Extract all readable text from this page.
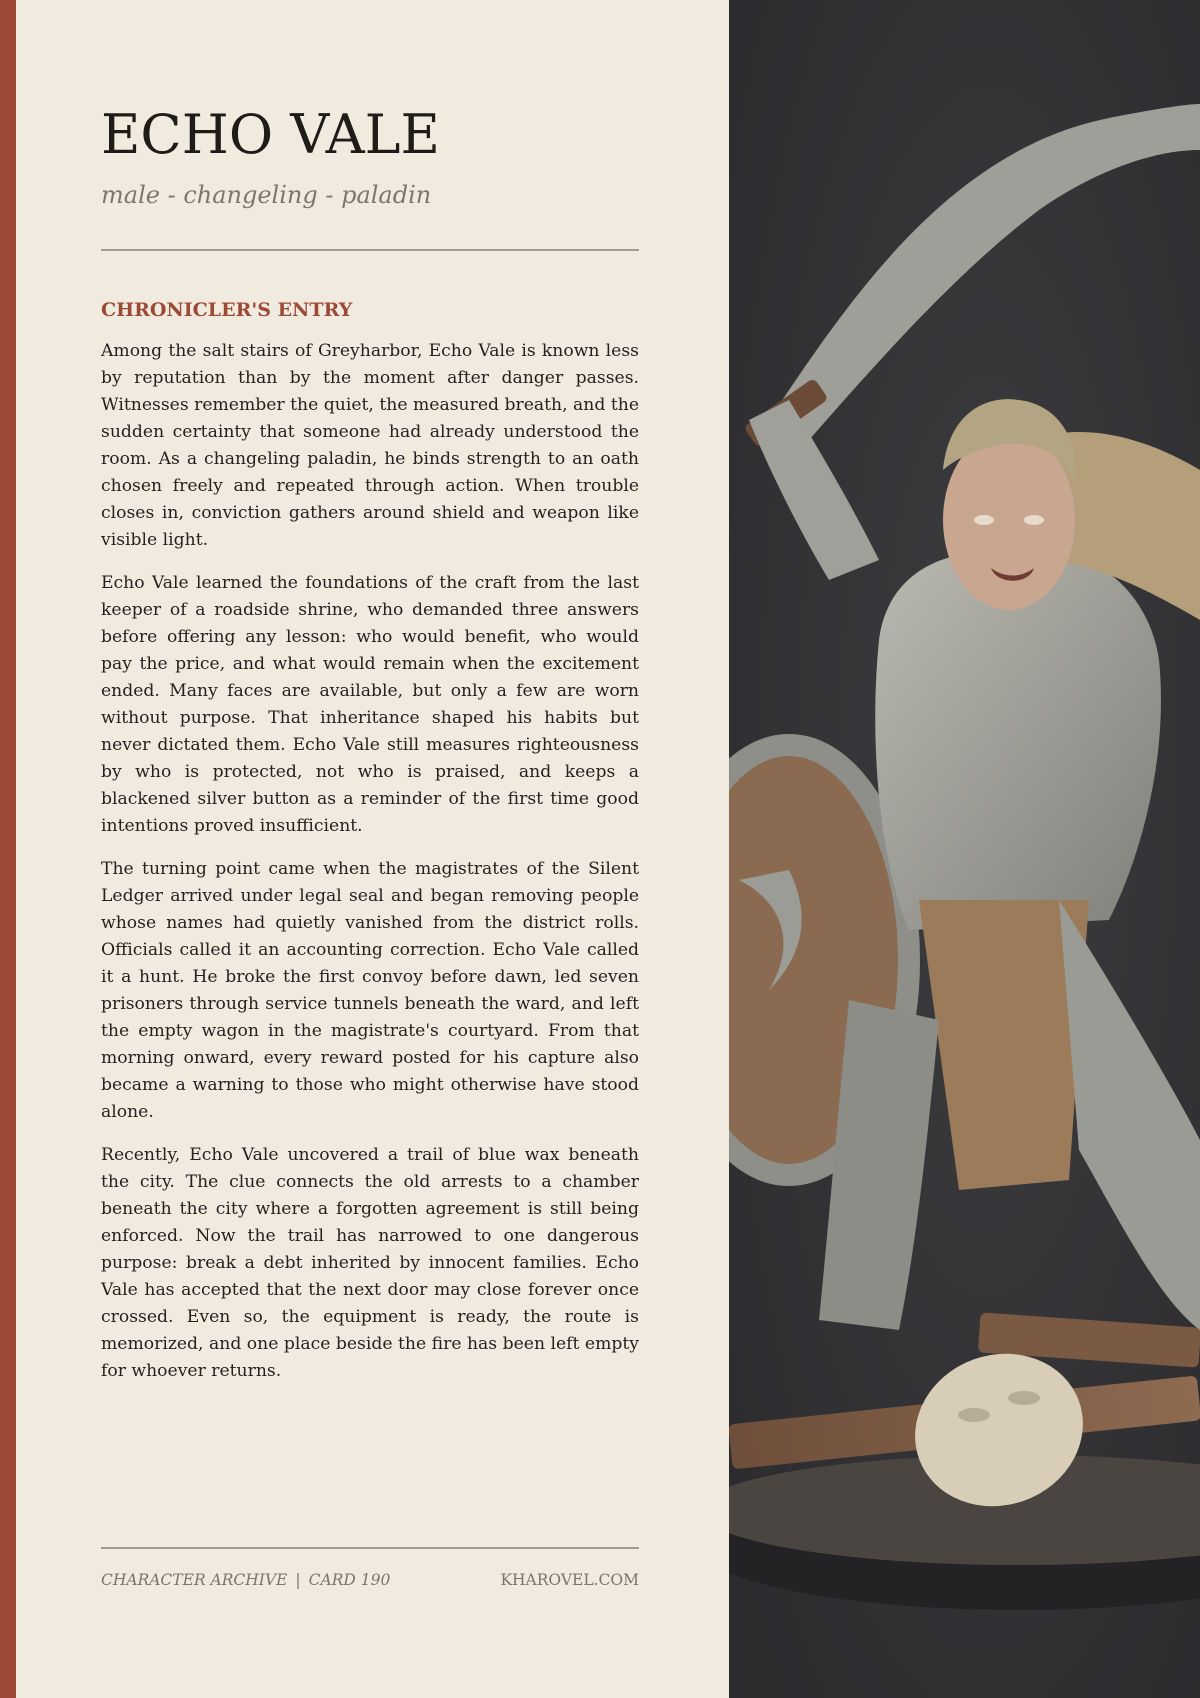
ECHO VALE

male - changeling - paladin

CHRONICLER'S ENTRY

Among the salt stairs of Greyharbor, Echo Vale is known less by reputation than by the moment after danger passes. Witnesses remember the quiet, the measured breath, and the sudden certainty that someone had already understood the room. As a changeling paladin, he binds strength to an oath chosen freely and repeated through action. When trouble closes in, conviction gathers around shield and weapon like visible light.

Echo Vale learned the foundations of the craft from the last keeper of a roadside shrine, who demanded three answers before offering any lesson: who would benefit, who would pay the price, and what would remain when the excitement ended. Many faces are available, but only a few are worn without purpose. That inheritance shaped his habits but never dictated them. Echo Vale still measures righteousness by who is protected, not who is praised, and keeps a blackened silver button as a reminder of the first time good intentions proved insufficient.

The turning point came when the magistrates of the Silent Ledger arrived under legal seal and began removing people whose names had quietly vanished from the district rolls. Officials called it an accounting correction. Echo Vale called it a hunt. He broke the first convoy before dawn, led seven prisoners through service tunnels beneath the ward, and left the empty wagon in the magistrate's courtyard. From that morning onward, every reward posted for his capture also became a warning to those who might otherwise have stood alone.

Recently, Echo Vale uncovered a trail of blue wax beneath the city. The clue connects the old arrests to a chamber beneath the city where a forgotten agreement is still being enforced. Now the trail has narrowed to one dangerous purpose: break a debt inherited by innocent families. Echo Vale has accepted that the next door may close forever once crossed. Even so, the equipment is ready, the route is memorized, and one place beside the fire has been left empty for whoever returns.

CHARACTER ARCHIVE | CARD 190	KHAROVEL.COM
